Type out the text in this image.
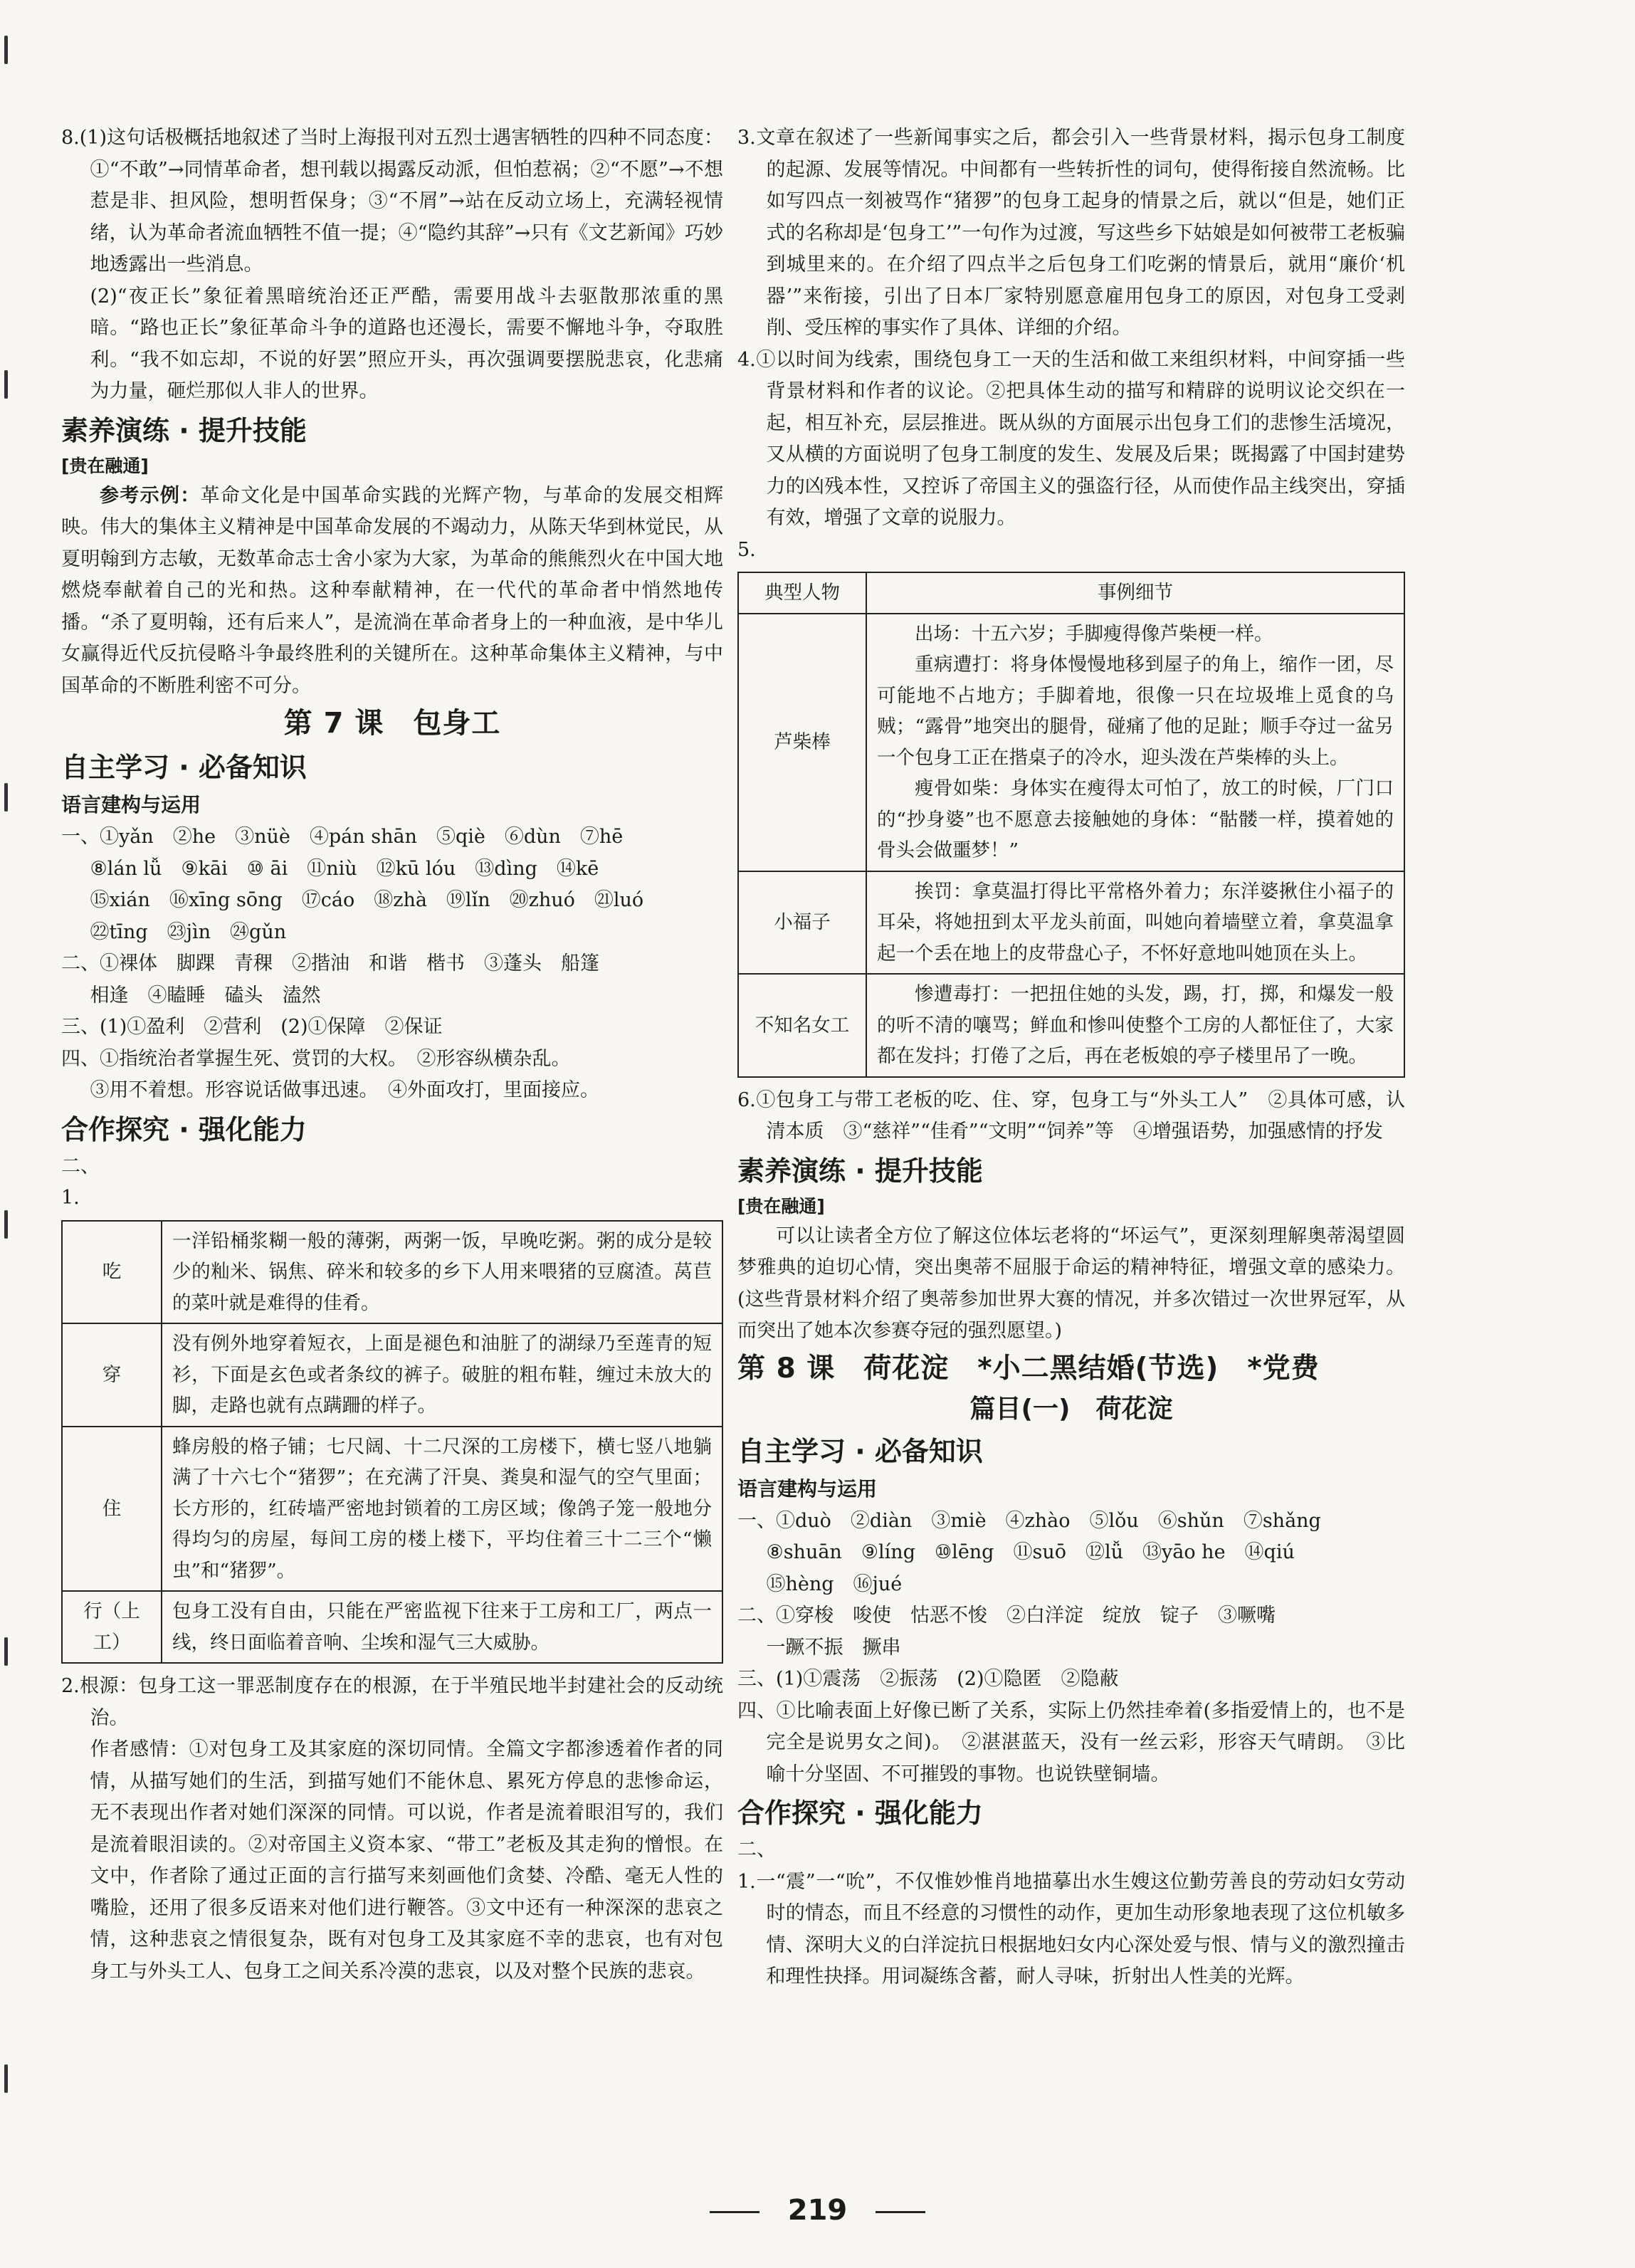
8.(1)这句话极概括地叙述了当时上海报刊对五烈士遇害牺牲的四种不同态度：①“不敢”→同情革命者，想刊载以揭露反动派，但怕惹祸；②“不愿”→不想惹是非、担风险，想明哲保身；③“不屑”→站在反动立场上，充满轻视情绪，认为革命者流血牺牲不值一提；④“隐约其辞”→只有《文艺新闻》巧妙地透露出一些消息。

(2)“夜正长”象征着黑暗统治还正严酷，需要用战斗去驱散那浓重的黑暗。“路也正长”象征革命斗争的道路也还漫长，需要不懈地斗争，夺取胜利。“我不如忘却，不说的好罢”照应开头，再次强调要摆脱悲哀，化悲痛为力量，砸烂那似人非人的世界。

素养演练 · 提升技能
[贵在融通]

参考示例：革命文化是中国革命实践的光辉产物，与革命的发展交相辉映。伟大的集体主义精神是中国革命发展的不竭动力，从陈天华到林觉民，从夏明翰到方志敏，无数革命志士舍小家为大家，为革命的熊熊烈火在中国大地燃烧奉献着自己的光和热。这种奉献精神，在一代代的革命者中悄然地传播。“杀了夏明翰，还有后来人”，是流淌在革命者身上的一种血液，是中华儿女赢得近代反抗侵略斗争最终胜利的关键所在。这种革命集体主义精神，与中国革命的不断胜利密不可分。

第 7 课　包身工
自主学习 · 必备知识
语言建构与运用

一、①yǎn　②he　③nüè　④pán shān　⑤qiè　⑥dùn　⑦hē

⑧lán lǚ　⑨kāi　⑩ āi　⑪niù　⑫kū lóu　⑬dìng　⑭kē

⑮xián　⑯xīng sōng　⑰cáo　⑱zhà　⑲lǐn　⑳zhuó　㉑luó

㉒tīng　㉓jìn　㉔gǔn

二、①裸体　脚踝　青稞　②揩油　和谐　楷书　③蓬头　船篷

相逢　④瞌睡　磕头　溘然

三、(1)①盈利　②营利　(2)①保障　②保证

四、①指统治者掌握生死、赏罚的大权。　②形容纵横杂乱。

③用不着想。形容说话做事迅速。　④外面攻打，里面接应。

合作探究 · 强化能力

二、

1.

吃	一洋铅桶浆糊一般的薄粥，两粥一饭，早晚吃粥。粥的成分是较少的籼米、锅焦、碎米和较多的乡下人用来喂猪的豆腐渣。莴苣的菜叶就是难得的佳肴。
穿	没有例外地穿着短衣，上面是褪色和油脏了的湖绿乃至莲青的短衫，下面是玄色或者条纹的裤子。破脏的粗布鞋，缠过未放大的脚，走路也就有点蹒跚的样子。
住	蜂房般的格子铺；七尺阔、十二尺深的工房楼下，横七竖八地躺满了十六七个“猪猡”；在充满了汗臭、粪臭和湿气的空气里面；长方形的，红砖墙严密地封锁着的工房区域；像鸽子笼一般地分得均匀的房屋，每间工房的楼上楼下，平均住着三十二三个“懒虫”和“猪猡”。
行（上工）	包身工没有自由，只能在严密监视下往来于工房和工厂，两点一线，终日面临着音响、尘埃和湿气三大威胁。

2.根源：包身工这一罪恶制度存在的根源，在于半殖民地半封建社会的反动统治。

作者感情：①对包身工及其家庭的深切同情。全篇文字都渗透着作者的同情，从描写她们的生活，到描写她们不能休息、累死方停息的悲惨命运，无不表现出作者对她们深深的同情。可以说，作者是流着眼泪写的，我们是流着眼泪读的。②对帝国主义资本家、“带工”老板及其走狗的憎恨。在文中，作者除了通过正面的言行描写来刻画他们贪婪、冷酷、毫无人性的嘴脸，还用了很多反语来对他们进行鞭答。③文中还有一种深深的悲哀之情，这种悲哀之情很复杂，既有对包身工及其家庭不幸的悲哀，也有对包身工与外头工人、包身工之间关系冷漠的悲哀，以及对整个民族的悲哀。

3.文章在叙述了一些新闻事实之后，都会引入一些背景材料，揭示包身工制度的起源、发展等情况。中间都有一些转折性的词句，使得衔接自然流畅。比如写四点一刻被骂作“猪猡”的包身工起身的情景之后，就以“但是，她们正式的名称却是‘包身工’”一句作为过渡，写这些乡下姑娘是如何被带工老板骗到城里来的。在介绍了四点半之后包身工们吃粥的情景后，就用“廉价‘机器’”来衔接，引出了日本厂家特别愿意雇用包身工的原因，对包身工受剥削、受压榨的事实作了具体、详细的介绍。

4.①以时间为线索，围绕包身工一天的生活和做工来组织材料，中间穿插一些背景材料和作者的议论。②把具体生动的描写和精辟的说明议论交织在一起，相互补充，层层推进。既从纵的方面展示出包身工们的悲惨生活境况，又从横的方面说明了包身工制度的发生、发展及后果；既揭露了中国封建势力的凶残本性，又控诉了帝国主义的强盗行径，从而使作品主线突出，穿插有效，增强了文章的说服力。

5.

典型人物	事例细节
芦柴棒	出场：十五六岁；手脚瘦得像芦柴梗一样。

重病遭打：将身体慢慢地移到屋子的角上，缩作一团，尽可能地不占地方；手脚着地，很像一只在垃圾堆上觅食的乌贼；“露骨”地突出的腿骨，碰痛了他的足趾；顺手夺过一盆另一个包身工正在揩桌子的冷水，迎头泼在芦柴棒的头上。

瘦骨如柴：身体实在瘦得太可怕了，放工的时候，厂门口的“抄身婆”也不愿意去接触她的身体：“骷髅一样，摸着她的骨头会做噩梦！”

小福子	挨罚：拿莫温打得比平常格外着力；东洋婆揪住小福子的耳朵，将她扭到太平龙头前面，叫她向着墙壁立着，拿莫温拿起一个丢在地上的皮带盘心子，不怀好意地叫她顶在头上。

不知名女工	惨遭毒打：一把扭住她的头发，踢，打，掷，和爆发一般的听不清的嚷骂；鲜血和惨叫使整个工房的人都怔住了，大家都在发抖；打倦了之后，再在老板娘的亭子楼里吊了一晚。

6.①包身工与带工老板的吃、住、穿，包身工与“外头工人”　②具体可感，认清本质　③“慈祥”“佳肴”“文明”“饲养”等　④增强语势，加强感情的抒发

素养演练 · 提升技能
[贵在融通]

可以让读者全方位了解这位体坛老将的“坏运气”，更深刻理解奥蒂渴望圆梦雅典的迫切心情，突出奥蒂不屈服于命运的精神特征，增强文章的感染力。(这些背景材料介绍了奥蒂参加世界大赛的情况，并多次错过一次世界冠军，从而突出了她本次参赛夺冠的强烈愿望。)

第 8 课　荷花淀　*小二黑结婚(节选)　*党费
篇目(一)　荷花淀
自主学习 · 必备知识
语言建构与运用

一、①duò　②diàn　③miè　④zhào　⑤lǒu　⑥shǔn　⑦shǎng

⑧shuān　⑨líng　⑩lēng　⑪suō　⑫lǚ　⑬yāo he　⑭qiú

⑮hèng　⑯jué

二、①穿梭　唆使　怙恶不悛　②白洋淀　绽放　锭子　③噘嘴

一蹶不振　撅串

三、(1)①震荡　②振荡　(2)①隐匿　②隐蔽

四、①比喻表面上好像已断了关系，实际上仍然挂牵着(多指爱情上的，也不是完全是说男女之间)。　②湛湛蓝天，没有一丝云彩，形容天气晴朗。　③比喻十分坚固、不可摧毁的事物。也说铁壁铜墙。

合作探究 · 强化能力

二、

1.一“震”一“吮”，不仅惟妙惟肖地描摹出水生嫂这位勤劳善良的劳动妇女劳动时的情态，而且不经意的习惯性的动作，更加生动形象地表现了这位机敏多情、深明大义的白洋淀抗日根据地妇女内心深处爱与恨、情与义的激烈撞击和理性抉择。用词凝练含蓄，耐人寻味，折射出人性美的光辉。

219
